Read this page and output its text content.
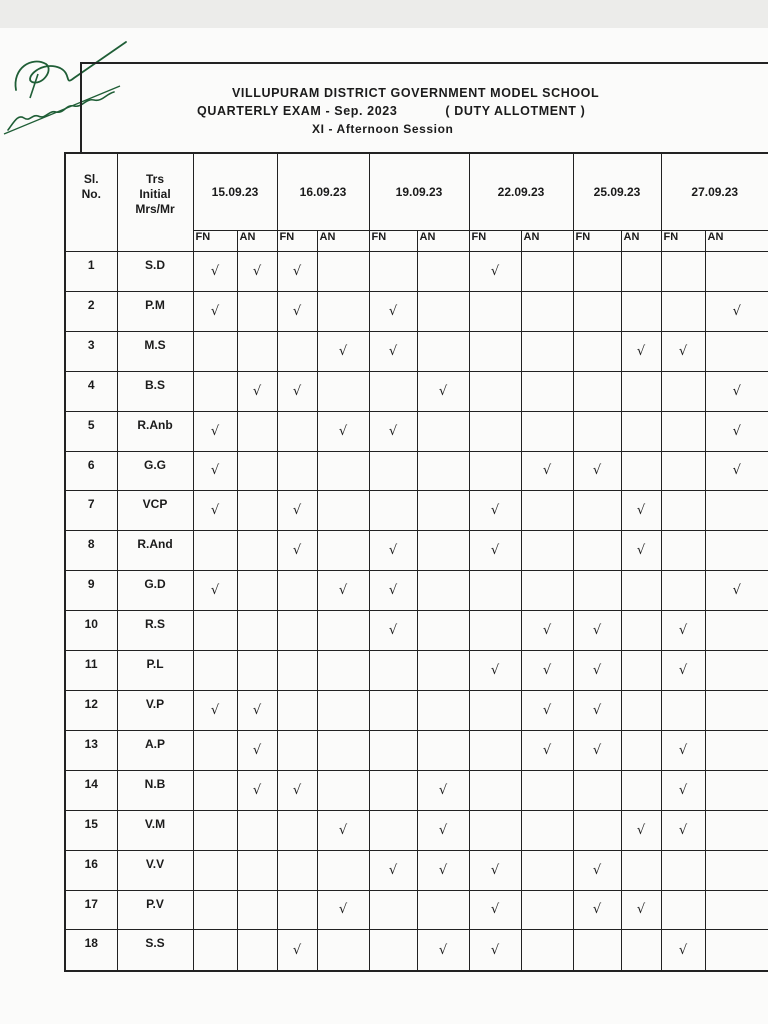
VILLUPURAM DISTRICT GOVERNMENT MODEL SCHOOL
QUARTERLY EXAM - Sep. 2023	( DUTY ALLOTMENT )
XI - Afternoon Session
Sl.
No.	Trs
Initial
Mrs/Mr	15.09.23		16.09.23		19.09.23		22.09.23		25.09.23		27.09.23	
		FN	AN	FN	AN	FN	AN	FN	AN	FN	AN	FN	AN
1	S.D	√	√	√				√					
2	P.M	√		√		√							√
3	M.S				√	√					√	√	
4	B.S		√	√			√						√
5	R.Anb	√			√	√							√
6	G.G	√							√	√			√
7	VCP	√		√				√			√		
8	R.And			√		√		√			√		
9	G.D	√			√	√							√
10	R.S					√			√	√		√	
11	P.L							√	√	√		√	
12	V.P	√	√						√	√			
13	A.P		√						√	√		√	
14	N.B		√	√			√					√	
15	V.M				√		√				√	√	
16	V.V					√	√	√		√			
17	P.V				√			√		√	√		
18	S.S			√			√	√				√	
